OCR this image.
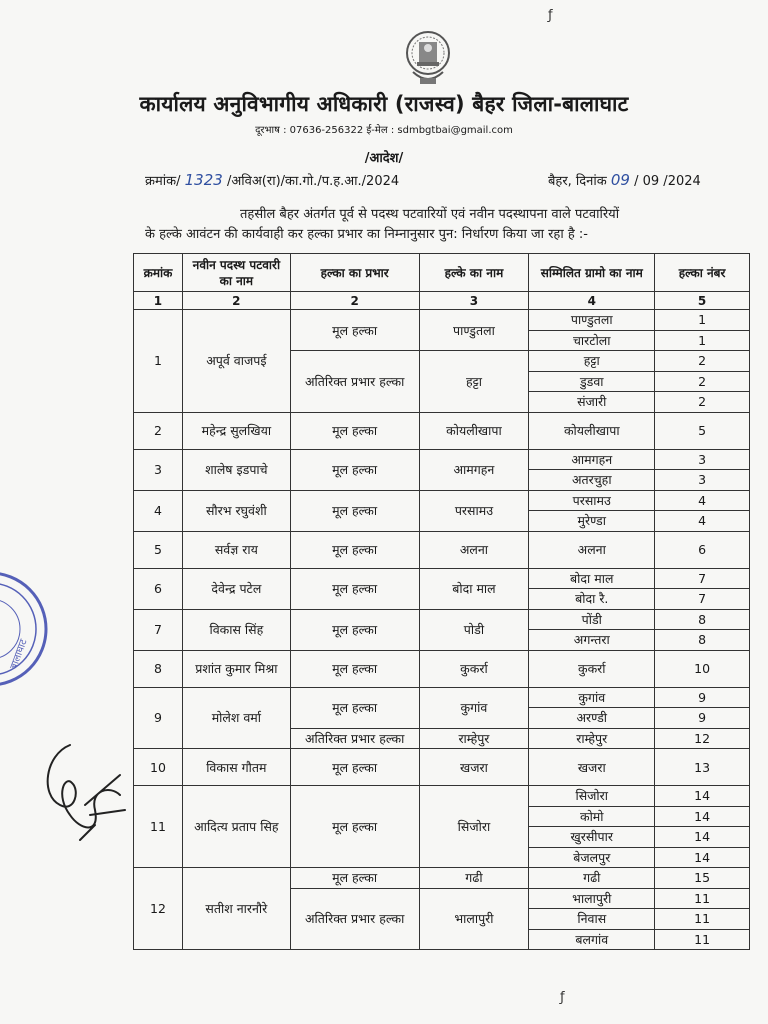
कार्यालय अनुविभागीय अधिकारी (राजस्व) बैहर जिला-बालाघाट
दूरभाष : 07636-256322 ई-मेल : sdmbgtbai@gmail.com
/आदेश/
क्रमांक/ 1323 /अविअ(रा)/का.गो./प.ह.आ./2024	बैहर, दिनांक 09 / 09 /2024
तहसील बैहर अंतर्गत पूर्व से पदस्थ पटवारियों एवं नवीन पदस्थापना वाले पटवारियों
के हल्के आवंटन की कार्यवाही कर हल्का प्रभार का निम्नानुसार पुन: निर्धारण किया जा रहा है :-
क्रमांक	नवीन पदस्थ पटवारी का नाम	हल्का का प्रभार	हल्के का नाम	सम्मिलित ग्रामो का नाम	हल्का नंबर
1	2	2	3	4	5
1	अपूर्व वाजपई	मूल हल्का	पाण्डुतला	पाण्डुतला	1
				चारटोला	1
		अतिरिक्त प्रभार हल्का	हट्टा	हट्टा	2
				डुडवा	2
				संजारी	2
2	महेन्द्र सुलखिया	मूल हल्का	कोयलीखापा	कोयलीखापा	5
3	शालेष इडपाचे	मूल हल्का	आमगहन	आमगहन	3
				अतरचुहा	3
4	सौरभ रघुवंशी	मूल हल्का	परसामउ	परसामउ	4
				मुरेण्डा	4
5	सर्वज्ञ राय	मूल हल्का	अलना	अलना	6
6	देवेन्द्र पटेल	मूल हल्का	बोदा माल	बोदा माल	7
				बोदा रै.	7
7	विकास सिंह	मूल हल्का	पोडी	पोंडी	8
				अगन्तरा	8
8	प्रशांत कुमार मिश्रा	मूल हल्का	कुकर्रा	कुकर्रा	10
9	मोलेश वर्मा	मूल हल्का	कुगांव	कुगांव	9
				अरण्डी	9
		अतिरिक्त प्रभार हल्का	राम्हेपुर	राम्हेपुर	12
10	विकास गौतम	मूल हल्का	खजरा	खजरा	13
11	आदित्य प्रताप सिह	मूल हल्का	सिजोरा	सिजोरा	14
				कोमो	14
				खुरसीपार	14
				बेजलपुर	14
12	सतीश नारनौरे	मूल हल्का	गढी	गढी	15
		अतिरिक्त प्रभार हल्का	भालापुरी	भालापुरी	11
				निवास	11
				बलगांव	11
बालाघाट
ƒ
ƒ
